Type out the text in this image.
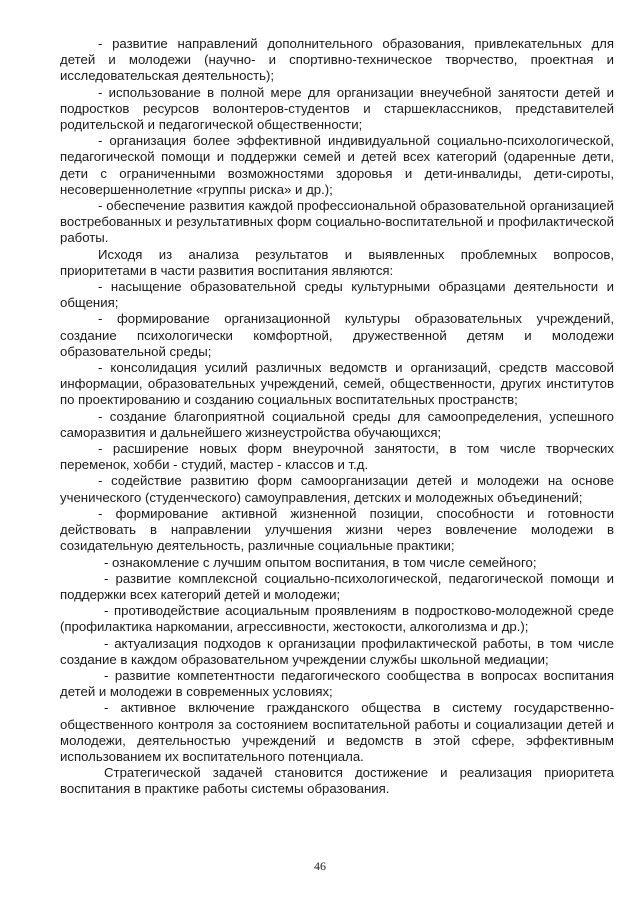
- развитие направлений дополнительного образования, привлекательных для детей и молодежи (научно- и спортивно-техническое творчество, проектная и исследовательская деятельность);

- использование в полной мере для организации внеучебной занятости детей и подростков ресурсов волонтеров-студентов и старшеклассников, представителей родительской и педагогической общественности;

- организация более эффективной индивидуальной социально-психологической, педагогической помощи и поддержки семей и детей всех категорий (одаренные дети, дети с ограниченными возможностями здоровья и дети-инвалиды, дети-сироты, несовершеннолетние «группы риска» и др.);

- обеспечение развития каждой профессиональной образовательной организацией востребованных и результативных форм социально-воспитательной и профилактической работы.

Исходя из анализа результатов и выявленных проблемных вопросов, приоритетами в части развития воспитания являются:

- насыщение образовательной среды культурными образцами деятельности и общения;

- формирование организационной культуры образовательных учреждений, создание психологически комфортной, дружественной детям и молодежи образовательной среды;

- консолидация усилий различных ведомств и организаций, средств массовой информации, образовательных учреждений, семей, общественности, других институтов по проектированию и созданию социальных воспитательных пространств;

- создание благоприятной социальной среды для самоопределения, успешного саморазвития и дальнейшего жизнеустройства обучающихся;

- расширение новых форм внеурочной занятости, в том числе творческих переменок, хобби - студий, мастер - классов и т.д.

- содействие развитию форм самоорганизации детей и молодежи на основе ученического (студенческого) самоуправления, детских и молодежных объединений;

- формирование активной жизненной позиции, способности и готовности действовать в направлении улучшения жизни через вовлечение молодежи в созидательную деятельность, различные социальные практики;

- ознакомление с лучшим опытом воспитания, в том числе семейного;

- развитие комплексной социально-психологической, педагогической помощи и поддержки всех категорий детей и молодежи;

- противодействие асоциальным проявлениям в подростково-молодежной среде (профилактика наркомании, агрессивности, жестокости, алкоголизма и др.);

- актуализация подходов к организации профилактической работы, в том числе создание в каждом образовательном учреждении службы школьной медиации;

- развитие компетентности педагогического сообщества в вопросах воспитания детей и молодежи в современных условиях;

- активное включение гражданского общества в систему государственно-общественного контроля за состоянием воспитательной работы и социализации детей и молодежи, деятельностью учреждений и ведомств в этой сфере, эффективным использованием их воспитательного потенциала.

Стратегической задачей становится достижение и реализация приоритета воспитания в практике работы системы образования.

46
